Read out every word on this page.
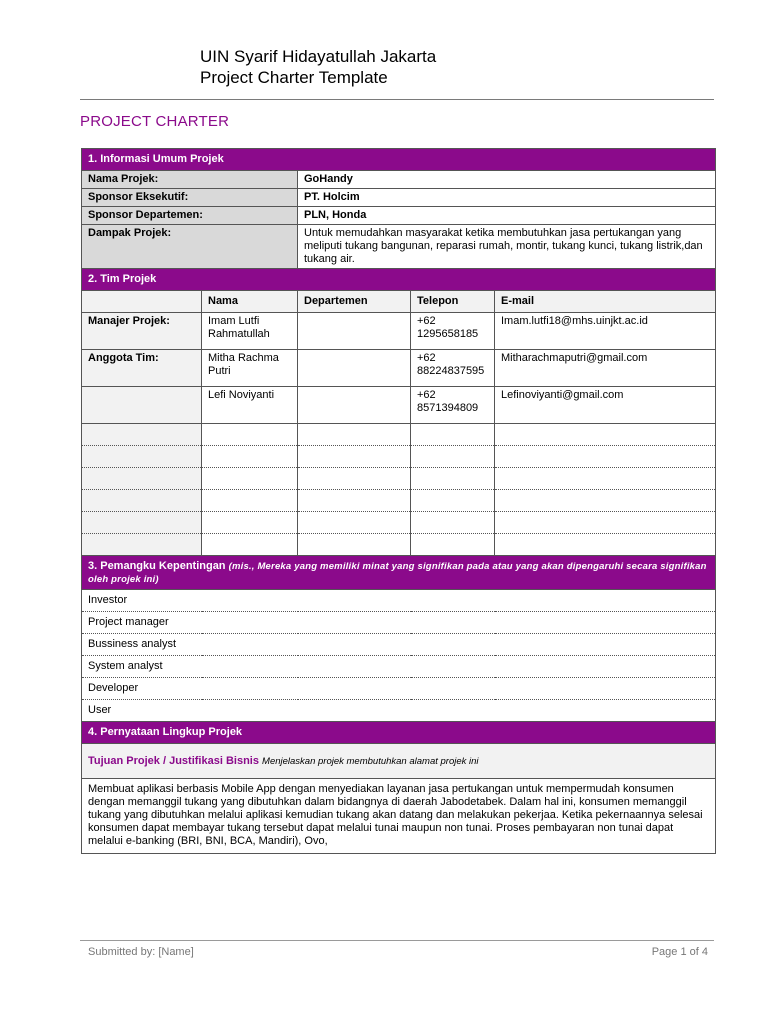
UIN Syarif Hidayatullah Jakarta
Project Charter Template
PROJECT CHARTER
1. Informasi Umum Projek				
Nama Projek:		GoHandy		
Sponsor Eksekutif:		PT. Holcim		
Sponsor Departemen:		PLN, Honda		
Dampak Projek:		Untuk memudahkan masyarakat ketika membutuhkan jasa pertukangan yang meliputi tukang bangunan, reparasi rumah, montir, tukang kunci, tukang listrik,dan tukang air.		
2. Tim Projek				
	Nama	Departemen	Telepon	E-mail
Manajer Projek:	Imam Lutfi Rahmatullah		+62 1295658185	Imam.lutfi18@mhs.uinjkt.ac.id
Anggota Tim:	Mitha Rachma Putri		+62 88224837595	Mitharachmaputri@gmail.com
	Lefi Noviyanti		+62 8571394809	Lefinoviyanti@gmail.com

3. Pemangku Kepentingan (mis., Mereka yang memiliki minat yang signifikan pada atau yang akan dipengaruhi secara signifikan oleh projek ini)				
Investor				
Project manager				
Bussiness analyst				
System analyst				
Developer				
User				
4. Pernyataan Lingkup Projek				
Tujuan Projek / Justifikasi Bisnis Menjelaskan projek membutuhkan alamat projek ini				
Membuat aplikasi berbasis Mobile App dengan menyediakan layanan jasa pertukangan untuk mempermudah konsumen dengan memanggil tukang yang dibutuhkan dalam bidangnya di daerah Jabodetabek. Dalam hal ini, konsumen memanggil tukang yang dibutuhkan melalui aplikasi kemudian tukang akan datang dan melakukan pekerjaa. Ketika pekernaannya selesai konsumen dapat membayar tukang tersebut dapat melalui tunai maupun non tunai. Proses pembayaran non tunai dapat melalui e-banking (BRI, BNI, BCA, Mandiri), Ovo,				
Submitted by: [Name]	Page 1 of 4
